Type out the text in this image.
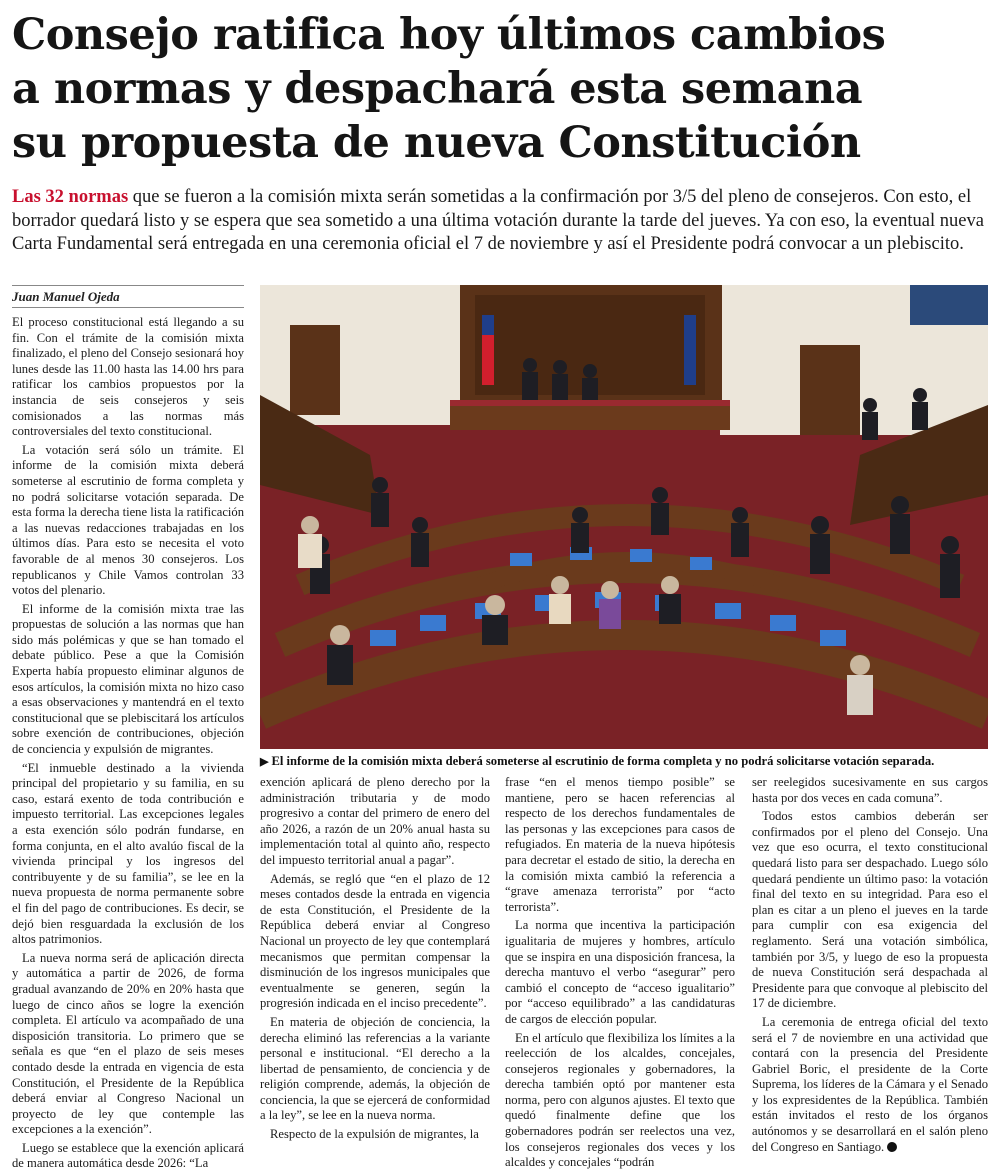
Consejo ratifica hoy últimos cambios
a normas y despachará esta semana
su propuesta de nueva Constitución

Las 32 normas que se fueron a la comisión mixta serán sometidas a la confirmación por 3/5 del pleno de consejeros. Con esto, el borrador quedará listo y se espera que sea sometido a una última votación durante la tarde del jueves. Ya con eso, la eventual nueva Carta Fundamental será entregada en una ceremonia oficial el 7 de noviembre y así el Presidente podrá convocar a un plebiscito.

Juan Manuel Ojeda

El proceso constitucional está llegando a su fin. Con el trámite de la comisión mixta finalizado, el pleno del Consejo sesionará hoy lunes desde las 11.00 hasta las 14.00 hrs para ratificar los cambios propuestos por la instancia de seis consejeros y seis comisionados a las normas más controversiales del texto constitucional.

La votación será sólo un trámite. El informe de la comisión mixta deberá someterse al escrutinio de forma completa y no podrá solicitarse votación separada. De esta forma la derecha tiene lista la ratificación a las nuevas redacciones trabajadas en los últimos días. Para esto se necesita el voto favorable de al menos 30 consejeros. Los republicanos y Chile Vamos controlan 33 votos del plenario.

El informe de la comisión mixta trae las propuestas de solución a las normas que han sido más polémicas y que se han tomado el debate público. Pese a que la Comisión Experta había propuesto eliminar algunos de esos artículos, la comisión mixta no hizo caso a esas observaciones y mantendrá en el texto constitucional que se plebiscitará los artículos sobre exención de contribuciones, objeción de conciencia y expulsión de migrantes.

“El inmueble destinado a la vivienda principal del propietario y su familia, en su caso, estará exento de toda contribución e impuesto territorial. Las excepciones legales a esta exención sólo podrán fundarse, en forma conjunta, en el alto avalúo fiscal de la vivienda principal y los ingresos del contribuyente y de su familia”, se lee en la nueva propuesta de norma permanente sobre el fin del pago de contribuciones. Es decir, se dejó bien resguardada la exclusión de los altos patrimonios.

La nueva norma será de aplicación directa y automática a partir de 2026, de forma gradual avanzando de 20% en 20% hasta que luego de cinco años se logre la exención completa. El artículo va acompañado de una disposición transitoria. Lo primero que se señala es que “en el plazo de seis meses contado desde la entrada en vigencia de esta Constitución, el Presidente de la República deberá enviar al Congreso Nacional un proyecto de ley que contemple las excepciones a la exención”.

Luego se establece que la exención aplicará de manera automática desde 2026: “La

▶ El informe de la comisión mixta deberá someterse al escrutinio de forma completa y no podrá solicitarse votación separada.

exención aplicará de pleno derecho por la administración tributaria y de modo progresivo a contar del primero de enero del año 2026, a razón de un 20% anual hasta su implementación total al quinto año, respecto del impuesto territorial anual a pagar”.

Además, se regló que “en el plazo de 12 meses contados desde la entrada en vigencia de esta Constitución, el Presidente de la República deberá enviar al Congreso Nacional un proyecto de ley que contemplará mecanismos que permitan compensar la disminución de los ingresos municipales que eventualmente se generen, según la progresión indicada en el inciso precedente”.

En materia de objeción de conciencia, la derecha eliminó las referencias a la variante personal e institucional. “El derecho a la libertad de pensamiento, de conciencia y de religión comprende, además, la objeción de conciencia, la que se ejercerá de conformidad a la ley”, se lee en la nueva norma.

Respecto de la expulsión de migrantes, la

frase “en el menos tiempo posible” se mantiene, pero se hacen referencias al respecto de los derechos fundamentales de las personas y las excepciones para casos de refugiados. En materia de la nueva hipótesis para decretar el estado de sitio, la derecha en la comisión mixta cambió la referencia a “grave amenaza terrorista” por “acto terrorista”.

La norma que incentiva la participación igualitaria de mujeres y hombres, artículo que se inspira en una disposición francesa, la derecha mantuvo el verbo “asegurar” pero cambió el concepto de “acceso igualitario” por “acceso equilibrado” a las candidaturas de cargos de elección popular.

En el artículo que flexibiliza los límites a la reelección de los alcaldes, concejales, consejeros regionales y gobernadores, la derecha también optó por mantener esta norma, pero con algunos ajustes. El texto que quedó finalmente define que los gobernadores podrán ser reelectos una vez, los consejeros regionales dos veces y los alcaldes y concejales “podrán

ser reelegidos sucesivamente en sus cargos hasta por dos veces en cada comuna”.

Todos estos cambios deberán ser confirmados por el pleno del Consejo. Una vez que eso ocurra, el texto constitucional quedará listo para ser despachado. Luego sólo quedará pendiente un último paso: la votación final del texto en su integridad. Para eso el plan es citar a un pleno el jueves en la tarde para cumplir con esa exigencia del reglamento. Será una votación simbólica, también por 3/5, y luego de eso la propuesta de nueva Constitución será despachada al Presidente para que convoque al plebiscito del 17 de diciembre.

La ceremonia de entrega oficial del texto será el 7 de noviembre en una actividad que contará con la presencia del Presidente Gabriel Boric, el presidente de la Corte Suprema, los líderes de la Cámara y el Senado y los expresidentes de la República. También están invitados el resto de los órganos autónomos y se desarrollará en el salón pleno del Congreso en Santiago.
